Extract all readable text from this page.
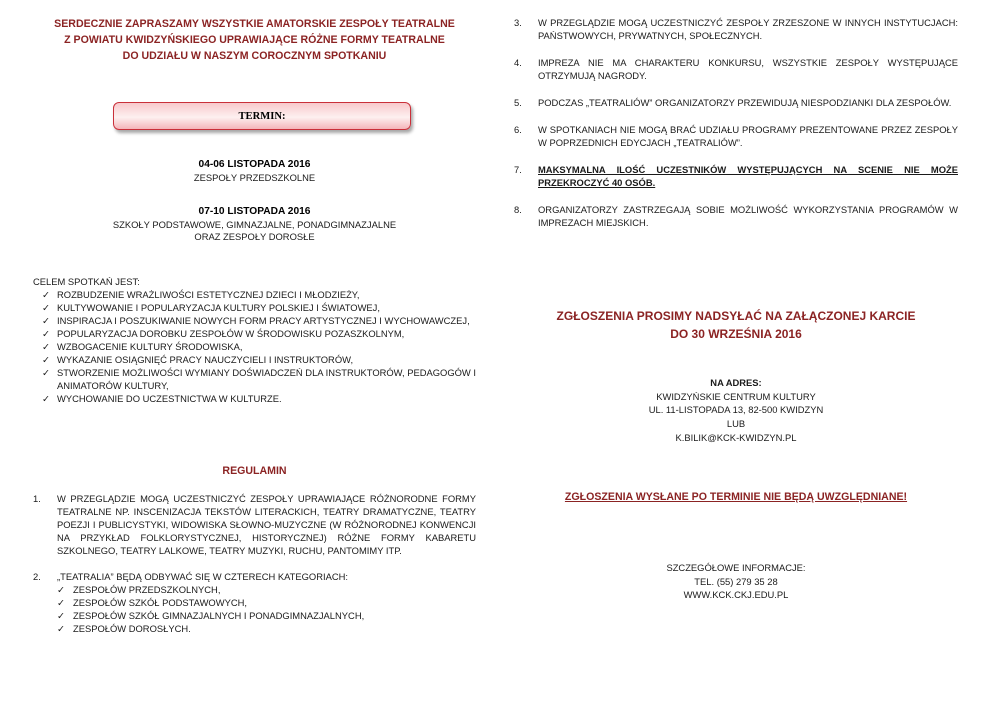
SERDECZNIE ZAPRASZAMY WSZYSTKIE AMATORSKIE ZESPOŁY TEATRALNE
Z POWIATU KWIDZYŃSKIEGO UPRAWIAJĄCE RÓŻNE FORMY TEATRALNE
DO UDZIAŁU W NASZYM COROCZNYM SPOTKANIU
TERMIN:
04-06 LISTOPADA 2016
ZESPOŁY PRZEDSZKOLNE
07-10 LISTOPADA 2016
SZKOŁY PODSTAWOWE, GIMNAZJALNE, PONADGIMNAZJALNE
ORAZ ZESPOŁY DOROSŁE
CELEM SPOTKAŃ JEST:
✓ ROZBUDZENIE WRAŻLIWOŚCI ESTETYCZNEJ DZIECI I MŁODZIEŻY,
✓ KULTYWOWANIE I POPULARYZACJA KULTURY POLSKIEJ I ŚWIATOWEJ,
✓ INSPIRACJA I POSZUKIWANIE NOWYCH FORM PRACY ARTYSTYCZNEJ I WYCHOWAWCZEJ,
✓ POPULARYZACJA DOROBKU ZESPOŁÓW W ŚRODOWISKU POZASZKOLNYM,
✓ WZBOGACENIE KULTURY ŚRODOWISKA,
✓ WYKAZANIE OSIĄGNIĘĆ PRACY NAUCZYCIELI I INSTRUKTORÓW,
✓ STWORZENIE MOŻLIWOŚCI WYMIANY DOŚWIADCZEŃ DLA INSTRUKTORÓW, PEDAGOGÓW I ANIMATORÓW KULTURY,
✓ WYCHOWANIE DO UCZESTNICTWA W KULTURZE.
REGULAMIN
1. W PRZEGLĄDZIE MOGĄ UCZESTNICZYĆ ZESPOŁY UPRAWIAJĄCE RÓŻNORODNE FORMY TEATRALNE NP. INSCENIZACJA TEKSTÓW LITERACKICH, TEATRY DRAMATYCZNE, TEATRY POEZJI I PUBLICYSTYKI, WIDOWISKA SŁOWNO-MUZYCZNE (W RÓŻNORODNEJ KONWENCJI NA PRZYKŁAD FOLKLORYSTYCZNEJ, HISTORYCZNEJ) RÓŻNE FORMY KABARETU SZKOLNEGO, TEATRY LALKOWE, TEATRY MUZYKI, RUCHU, PANTOMIMY ITP.
2. „TEATRALIA” BĘDĄ ODBYWAĆ SIĘ W CZTERECH KATEGORIACH:
✓ ZESPOŁÓW PRZEDSZKOLNYCH,
✓ ZESPOŁÓW SZKÓŁ PODSTAWOWYCH,
✓ ZESPOŁÓW SZKÓŁ GIMNAZJALNYCH I PONADGIMNAZJALNYCH,
✓ ZESPOŁÓW DOROSŁYCH.
3. W PRZEGLĄDZIE MOGĄ UCZESTNICZYĆ ZESPOŁY ZRZESZONE W INNYCH INSTYTUCJACH: PAŃSTWOWYCH, PRYWATNYCH, SPOŁECZNYCH.
4. IMPREZA NIE MA CHARAKTERU KONKURSU, WSZYSTKIE ZESPOŁY WYSTĘPUJĄCE OTRZYMUJĄ NAGRODY.
5. PODCZAS „TEATRALIÓW” ORGANIZATORZY PRZEWIDUJĄ NIESPODZIANKI DLA ZESPOŁÓW.
6. W SPOTKANIACH NIE MOGĄ BRAĆ UDZIAŁU PROGRAMY PREZENTOWANE PRZEZ ZESPOŁY W POPRZEDNICH EDYCJACH „TEATRALIÓW”.
7. MAKSYMALNA ILOŚĆ UCZESTNIKÓW WYSTĘPUJĄCYCH NA SCENIE NIE MOŻE PRZEKROCZYĆ 40 OSÓB.
8. ORGANIZATORZY ZASTRZEGAJĄ SOBIE MOŻLIWOŚĆ WYKORZYSTANIA PROGRAMÓW W IMPREZACH MIEJSKICH.
ZGŁOSZENIA PROSIMY NADSYŁAĆ NA ZAŁĄCZONEJ KARCIE
DO 30 WRZEŚNIA 2016
NA ADRES:
KWIDZYŃSKIE CENTRUM KULTURY
UL. 11-LISTOPADA 13, 82-500 KWIDZYN
LUB
K.BILIK@KCK-KWIDZYN.PL
ZGŁOSZENIA WYSŁANE PO TERMINIE NIE BĘDĄ UWZGLĘDNIANE!
SZCZEGÓŁOWE INFORMACJE:
TEL. (55) 279 35 28
WWW.KCK.CKJ.EDU.PL
